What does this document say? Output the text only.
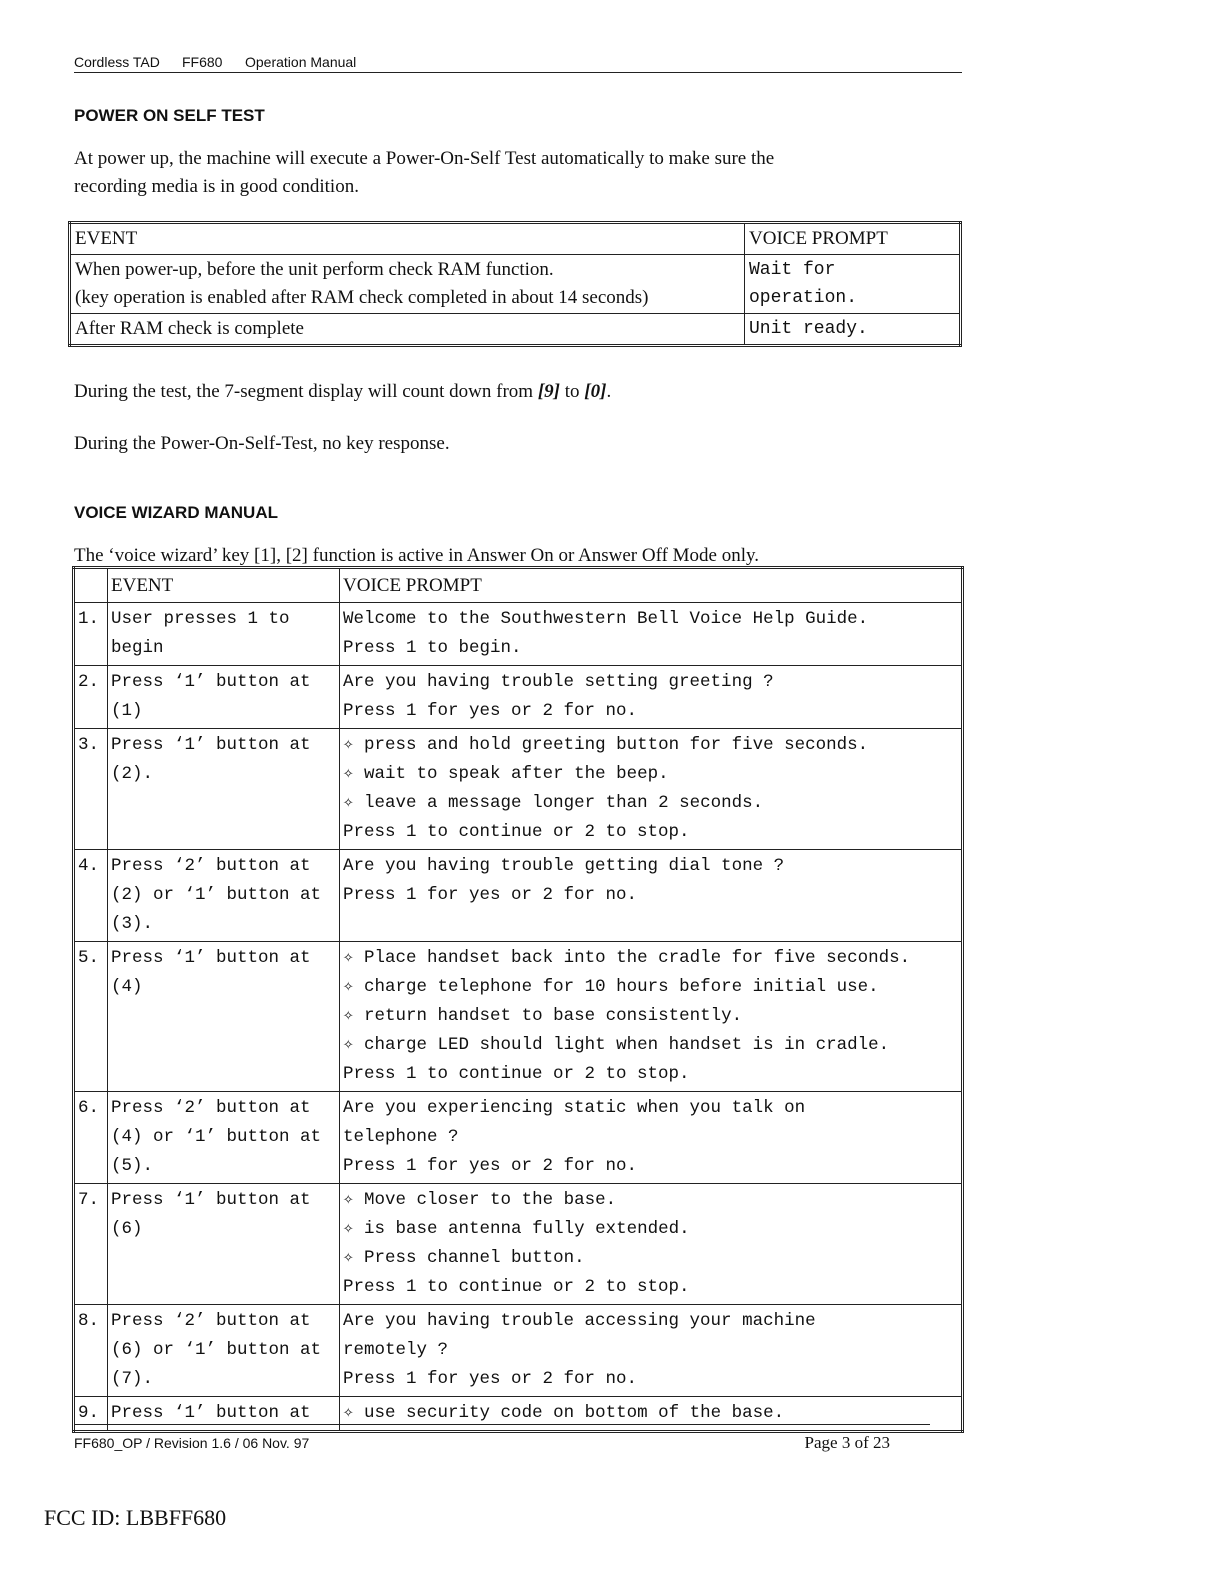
Cordless TAD FF680 Operation Manual
POWER ON SELF TEST
At power up, the machine will execute a Power-On-Self Test automatically to make sure the
recording media is in good condition.
EVENT	VOICE PROMPT
When power-up, before the unit perform check RAM function.
(key operation is enabled after RAM check completed in about 14 seconds)	Wait for
operation.
After RAM check is complete	Unit ready.
During the test, the 7-segment display will count down from [9] to [0].
During the Power-On-Self-Test, no key response.
VOICE WIZARD MANUAL
The ‘voice wizard’ key [1], [2] function is active in Answer On or Answer Off Mode only.
	EVENT	VOICE PROMPT
1.	User presses 1 to
begin	Welcome to the Southwestern Bell Voice Help Guide.
Press 1 to begin.

2.	Press ‘1’ button at
(1)	Are you having trouble setting greeting ?
Press 1 for yes or 2 for no.

3.	Press ‘1’ button at
(2).	✧ press and hold greeting button for five seconds.
✧ wait to speak after the beep.
✧ leave a message longer than 2 seconds.
Press 1 to continue or 2 to stop.

4.	Press ‘2’ button at
(2) or ‘1’ button at
(3).	Are you having trouble getting dial tone ?
Press 1 for yes or 2 for no.

5.	Press ‘1’ button at
(4)	✧ Place handset back into the cradle for five seconds.
✧ charge telephone for 10 hours before initial use.
✧ return handset to base consistently.
✧ charge LED should light when handset is in cradle.
Press 1 to continue or 2 to stop.

6.	Press ‘2’ button at
(4) or ‘1’ button at
(5).	Are you experiencing static when you talk on
telephone ?
Press 1 for yes or 2 for no.

7.	Press ‘1’ button at
(6)	✧ Move closer to the base.
✧ is base antenna fully extended.
✧ Press channel button.
Press 1 to continue or 2 to stop.

8.	Press ‘2’ button at
(6) or ‘1’ button at
(7).	Are you having trouble accessing your machine
remotely ?
Press 1 for yes or 2 for no.

9.	Press ‘1’ button at	✧ use security code on bottom of the base.
FF680_OP / Revision 1.6 / 06 Nov. 97	Page 3 of 23
FCC ID: LBBFF680
